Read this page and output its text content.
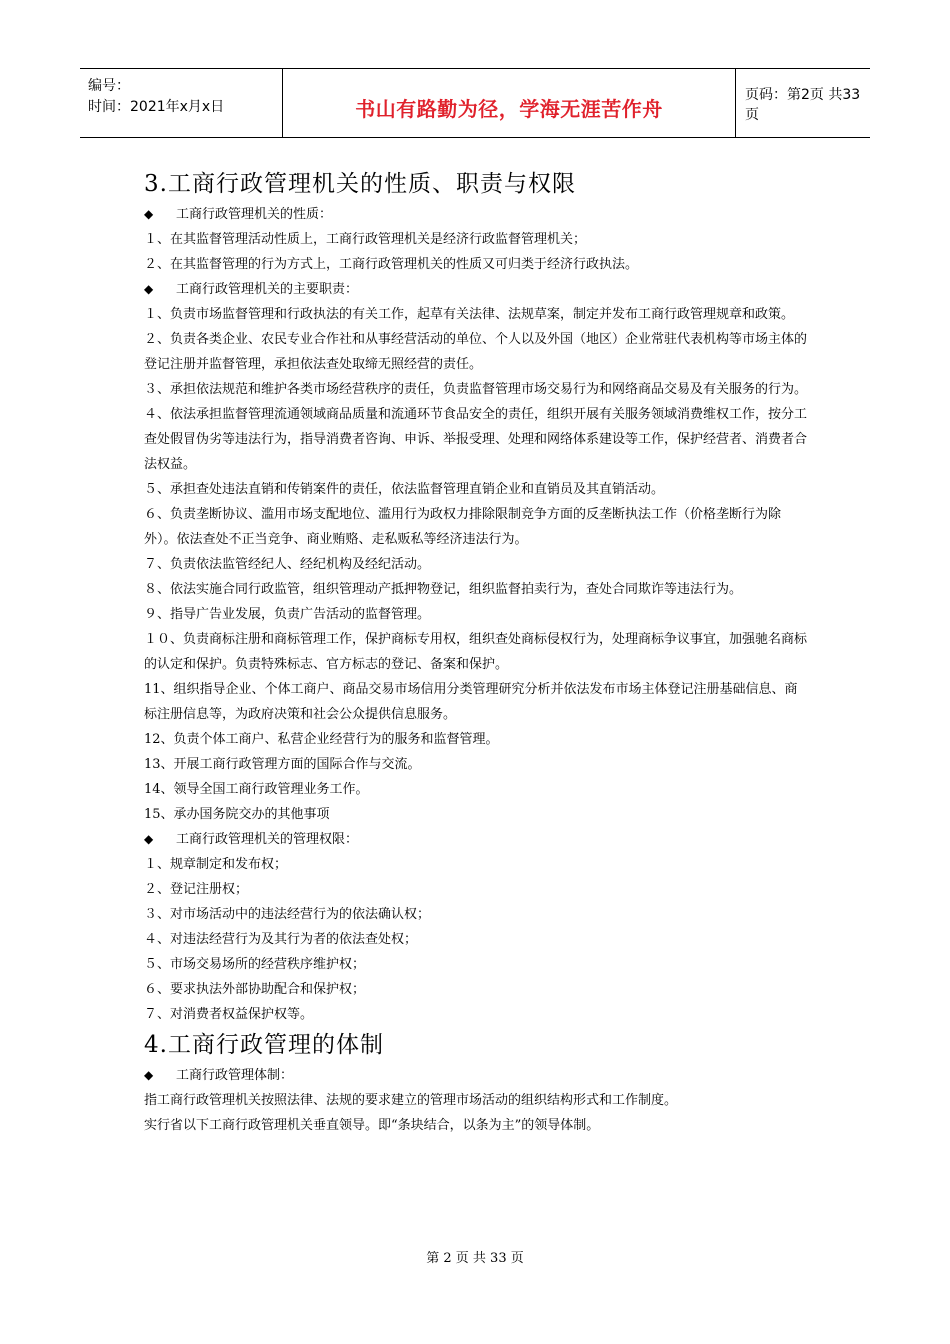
编号：
时间：2021年x月x日	书山有路勤为径，学海无涯苦作舟
页码：第2页 共33页
3.工商行政管理机关的性质、职责与权限

◆ 工商行政管理机关的性质：

１、在其监督管理活动性质上，工商行政管理机关是经济行政监督管理机关；

２、在其监督管理的行为方式上，工商行政管理机关的性质又可归类于经济行政执法。

◆ 工商行政管理机关的主要职责：

１、负责市场监督管理和行政执法的有关工作，起草有关法律、法规草案，制定并发布工商行政管理规章和政策。

２、负责各类企业、农民专业合作社和从事经营活动的单位、个人以及外国（地区）企业常驻代表机构等市场主体的登记注册并监督管理，承担依法查处取缔无照经营的责任。

３、承担依法规范和维护各类市场经营秩序的责任，负责监督管理市场交易行为和网络商品交易及有关服务的行为。

４、依法承担监督管理流通领域商品质量和流通环节食品安全的责任，组织开展有关服务领域消费维权工作，按分工查处假冒伪劣等违法行为，指导消费者咨询、申诉、举报受理、处理和网络体系建设等工作，保护经营者、消费者合法权益。

５、承担查处违法直销和传销案件的责任，依法监督管理直销企业和直销员及其直销活动。

６、负责垄断协议、滥用市场支配地位、滥用行为政权力排除限制竞争方面的反垄断执法工作（价格垄断行为除外）。依法查处不正当竞争、商业贿赂、走私贩私等经济违法行为。

７、负责依法监管经纪人、经纪机构及经纪活动。

８、依法实施合同行政监管，组织管理动产抵押物登记，组织监督拍卖行为，查处合同欺诈等违法行为。

９、指导广告业发展，负责广告活动的监督管理。

１０、负责商标注册和商标管理工作，保护商标专用权，组织查处商标侵权行为，处理商标争议事宜，加强驰名商标的认定和保护。负责特殊标志、官方标志的登记、备案和保护。

11、组织指导企业、个体工商户、商品交易市场信用分类管理研究分析并依法发布市场主体登记注册基础信息、商标注册信息等，为政府决策和社会公众提供信息服务。

12、负责个体工商户、私营企业经营行为的服务和监督管理。

13、开展工商行政管理方面的国际合作与交流。

14、领导全国工商行政管理业务工作。

15、承办国务院交办的其他事项

◆ 工商行政管理机关的管理权限：

１、规章制定和发布权；

２、登记注册权；

３、对市场活动中的违法经营行为的依法确认权；

４、对违法经营行为及其行为者的依法查处权；

５、市场交易场所的经营秩序维护权；

６、要求执法外部协助配合和保护权；

７、对消费者权益保护权等。

4.工商行政管理的体制

◆ 工商行政管理体制：

指工商行政管理机关按照法律、法规的要求建立的管理市场活动的组织结构形式和工作制度。

实行省以下工商行政管理机关垂直领导。即“条块结合，以条为主”的领导体制。

第 2 页 共 33 页
